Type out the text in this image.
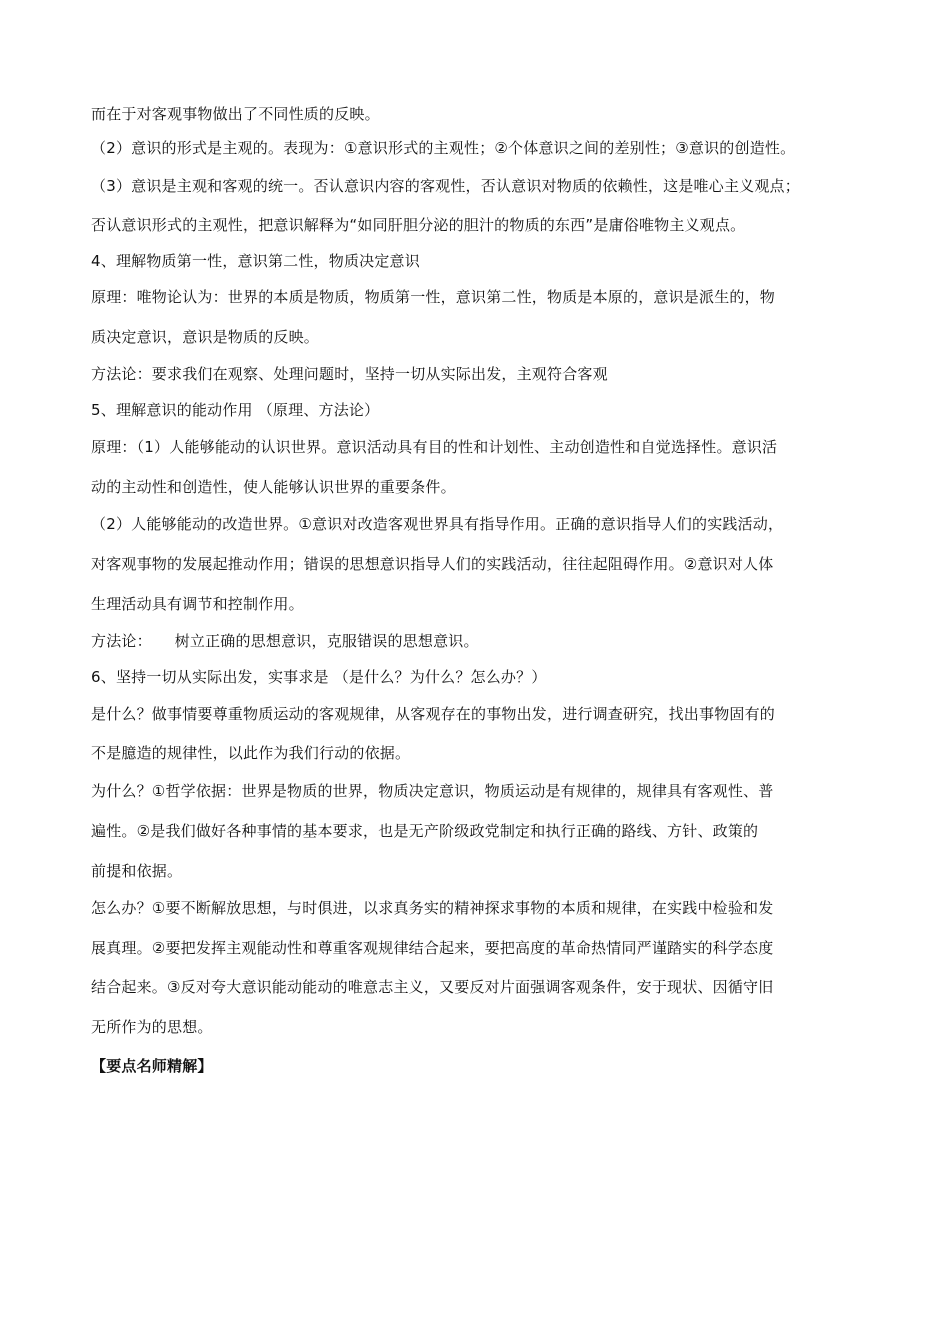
而在于对客观事物做出了不同性质的反映。
（2）意识的形式是主观的。表现为：①意识形式的主观性；②个体意识之间的差别性；③意识的创造性。
（3）意识是主观和客观的统一。否认意识内容的客观性，否认意识对物质的依赖性，这是唯心主义观点；
否认意识形式的主观性，把意识解释为“如同肝胆分泌的胆汁的物质的东西”是庸俗唯物主义观点。
4、理解物质第一性，意识第二性，物质决定意识
原理：唯物论认为：世界的本质是物质，物质第一性，意识第二性，物质是本原的，意识是派生的，物
质决定意识，意识是物质的反映。
方法论：要求我们在观察、处理问题时，坚持一切从实际出发，主观符合客观
5、理解意识的能动作用 （原理、方法论）
原理：（1）人能够能动的认识世界。意识活动具有目的性和计划性、主动创造性和自觉选择性。意识活
动的主动性和创造性，使人能够认识世界的重要条件。
（2）人能够能动的改造世界。①意识对改造客观世界具有指导作用。正确的意识指导人们的实践活动，
对客观事物的发展起推动作用；错误的思想意识指导人们的实践活动，往往起阻碍作用。②意识对人体
生理活动具有调节和控制作用。
方法论：　　树立正确的思想意识，克服错误的思想意识。
6、坚持一切从实际出发，实事求是 （是什么？为什么？怎么办？）
是什么？做事情要尊重物质运动的客观规律，从客观存在的事物出发，进行调查研究，找出事物固有的
不是臆造的规律性，以此作为我们行动的依据。
为什么？①哲学依据：世界是物质的世界，物质决定意识，物质运动是有规律的，规律具有客观性、普
遍性。②是我们做好各种事情的基本要求，也是无产阶级政党制定和执行正确的路线、方针、政策的
前提和依据。
怎么办？①要不断解放思想，与时俱进，以求真务实的精神探求事物的本质和规律，在实践中检验和发
展真理。②要把发挥主观能动性和尊重客观规律结合起来，要把高度的革命热情同严谨踏实的科学态度
结合起来。③反对夸大意识能动能动的唯意志主义，又要反对片面强调客观条件，安于现状、因循守旧
无所作为的思想。
【要点名师精解】
